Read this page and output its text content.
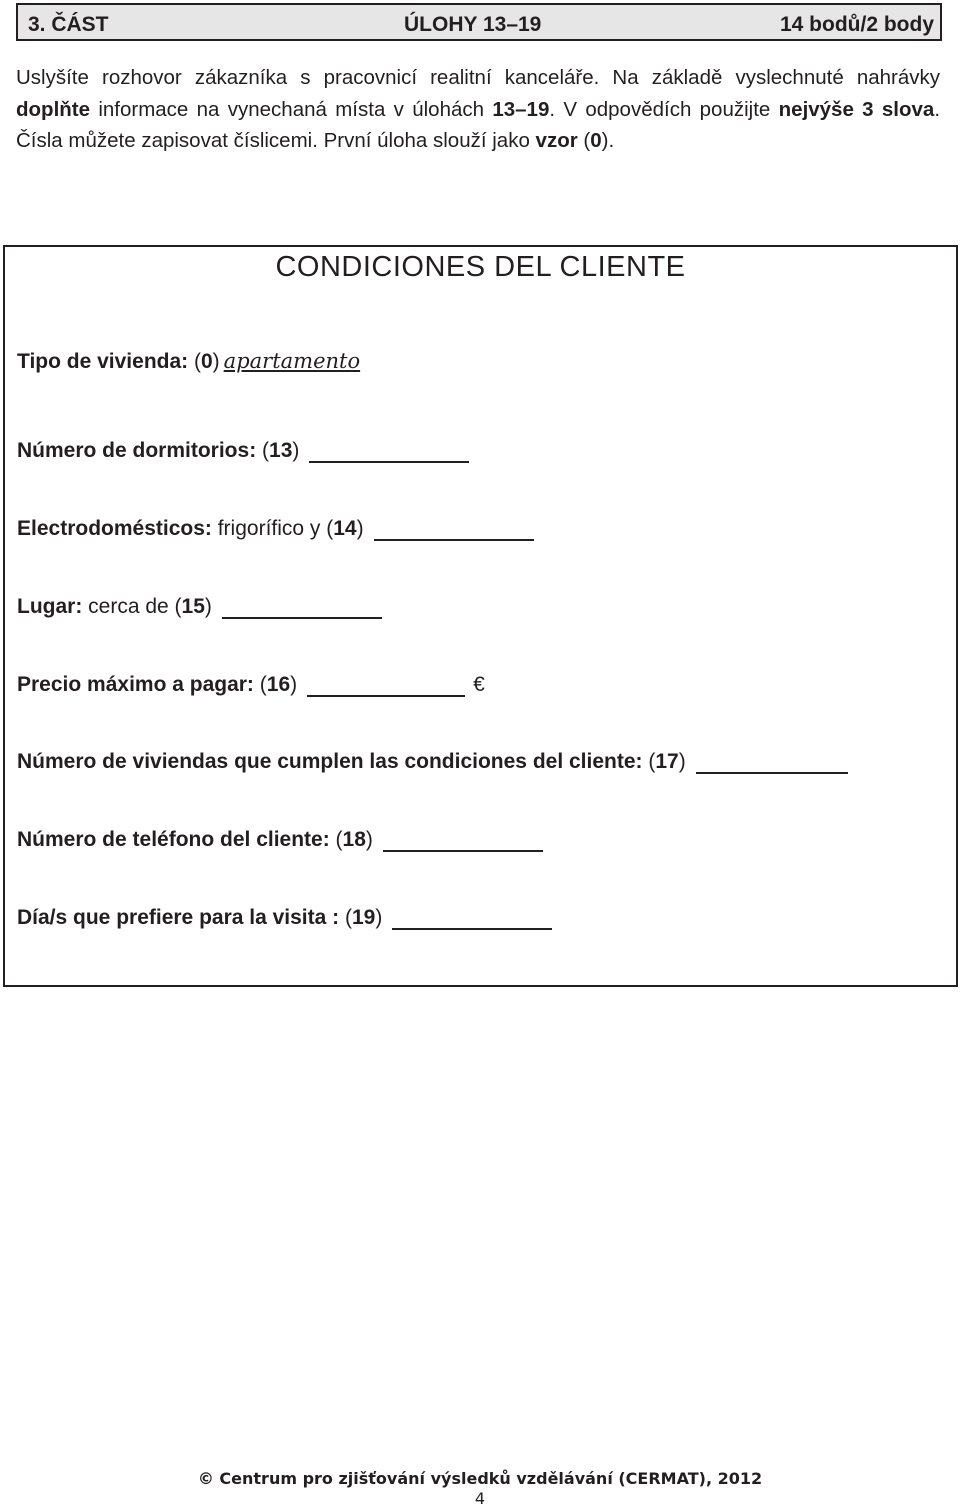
3. ČÁST	ÚLOHY 13–19	14 bodů/2 body
Uslyšíte rozhovor zákazníka s pracovnicí realitní kanceláře. Na základě vyslechnuté nahrávky doplňte informace na vynechaná místa v úlohách 13–19. V odpovědích použijte nejvýše 3 slova. Čísla můžete zapisovat číslicemi. První úloha slouží jako vzor (0).
CONDICIONES DEL CLIENTE
Tipo de vivienda: (0) apartamento
Número de dormitorios: (13)
Electrodomésticos: frigorífico y (14)
Lugar: cerca de (15)
Precio máximo a pagar: (16)	€
Número de viviendas que cumplen las condiciones del cliente: (17)
Número de teléfono del cliente: (18)
Día/s que prefiere para la visita : (19)
© Centrum pro zjišťování výsledků vzdělávání (CERMAT), 2012
4
